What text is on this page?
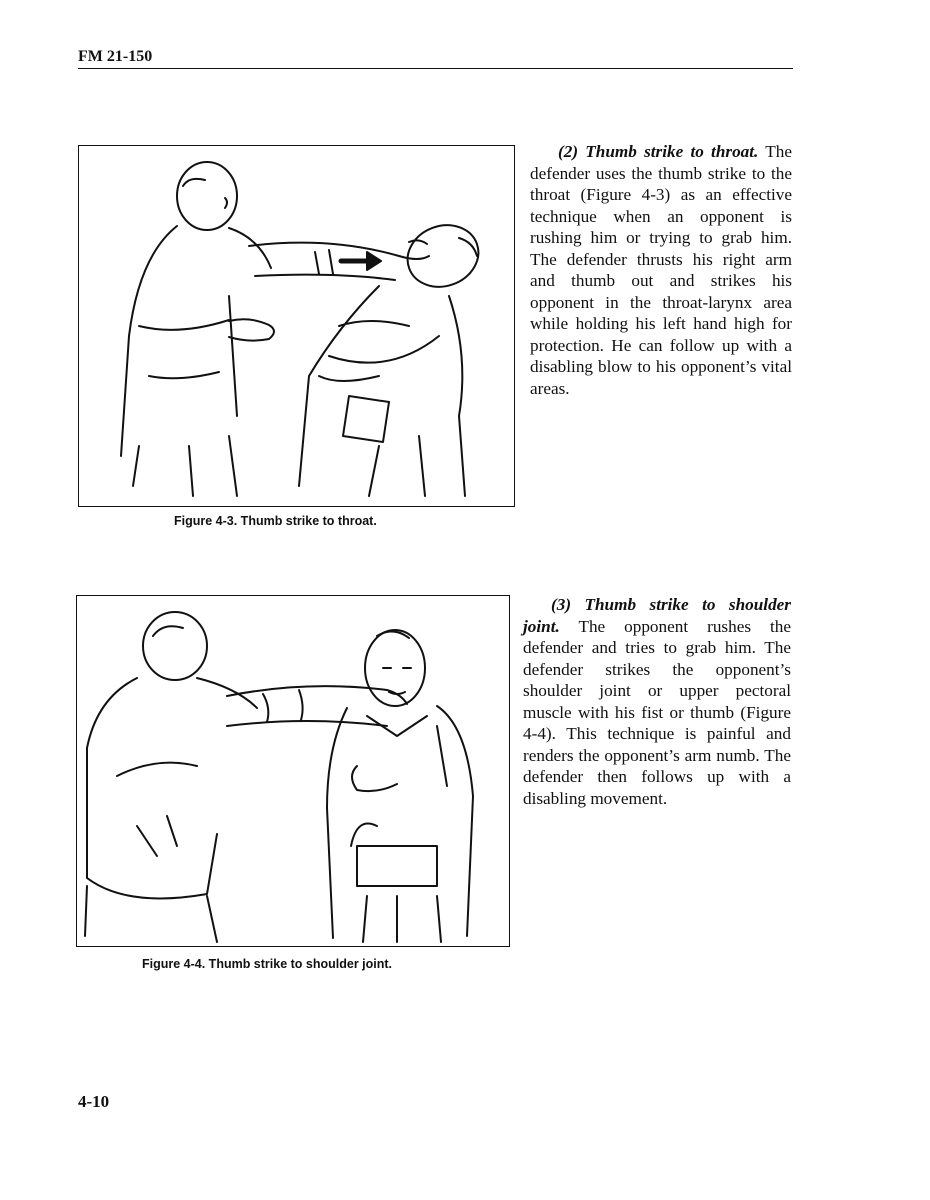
FM 21-150
Figure 4-3. Thumb strike to throat.
(2) Thumb strike to throat. The defender uses the thumb strike to the throat (Figure 4-3) as an effective technique when an opponent is rushing him or trying to grab him. The defender thrusts his right arm and thumb out and strikes his opponent in the throat-larynx area while holding his left hand high for protection. He can follow up with a disabling blow to his opponent’s vital areas.
Figure 4-4. Thumb strike to shoulder joint.
(3) Thumb strike to shoulder joint. The opponent rushes the defender and tries to grab him. The defender strikes the opponent’s shoulder joint or upper pectoral muscle with his fist or thumb (Figure 4-4). This technique is painful and renders the opponent’s arm numb. The defender then follows up with a disabling movement.
4-10
